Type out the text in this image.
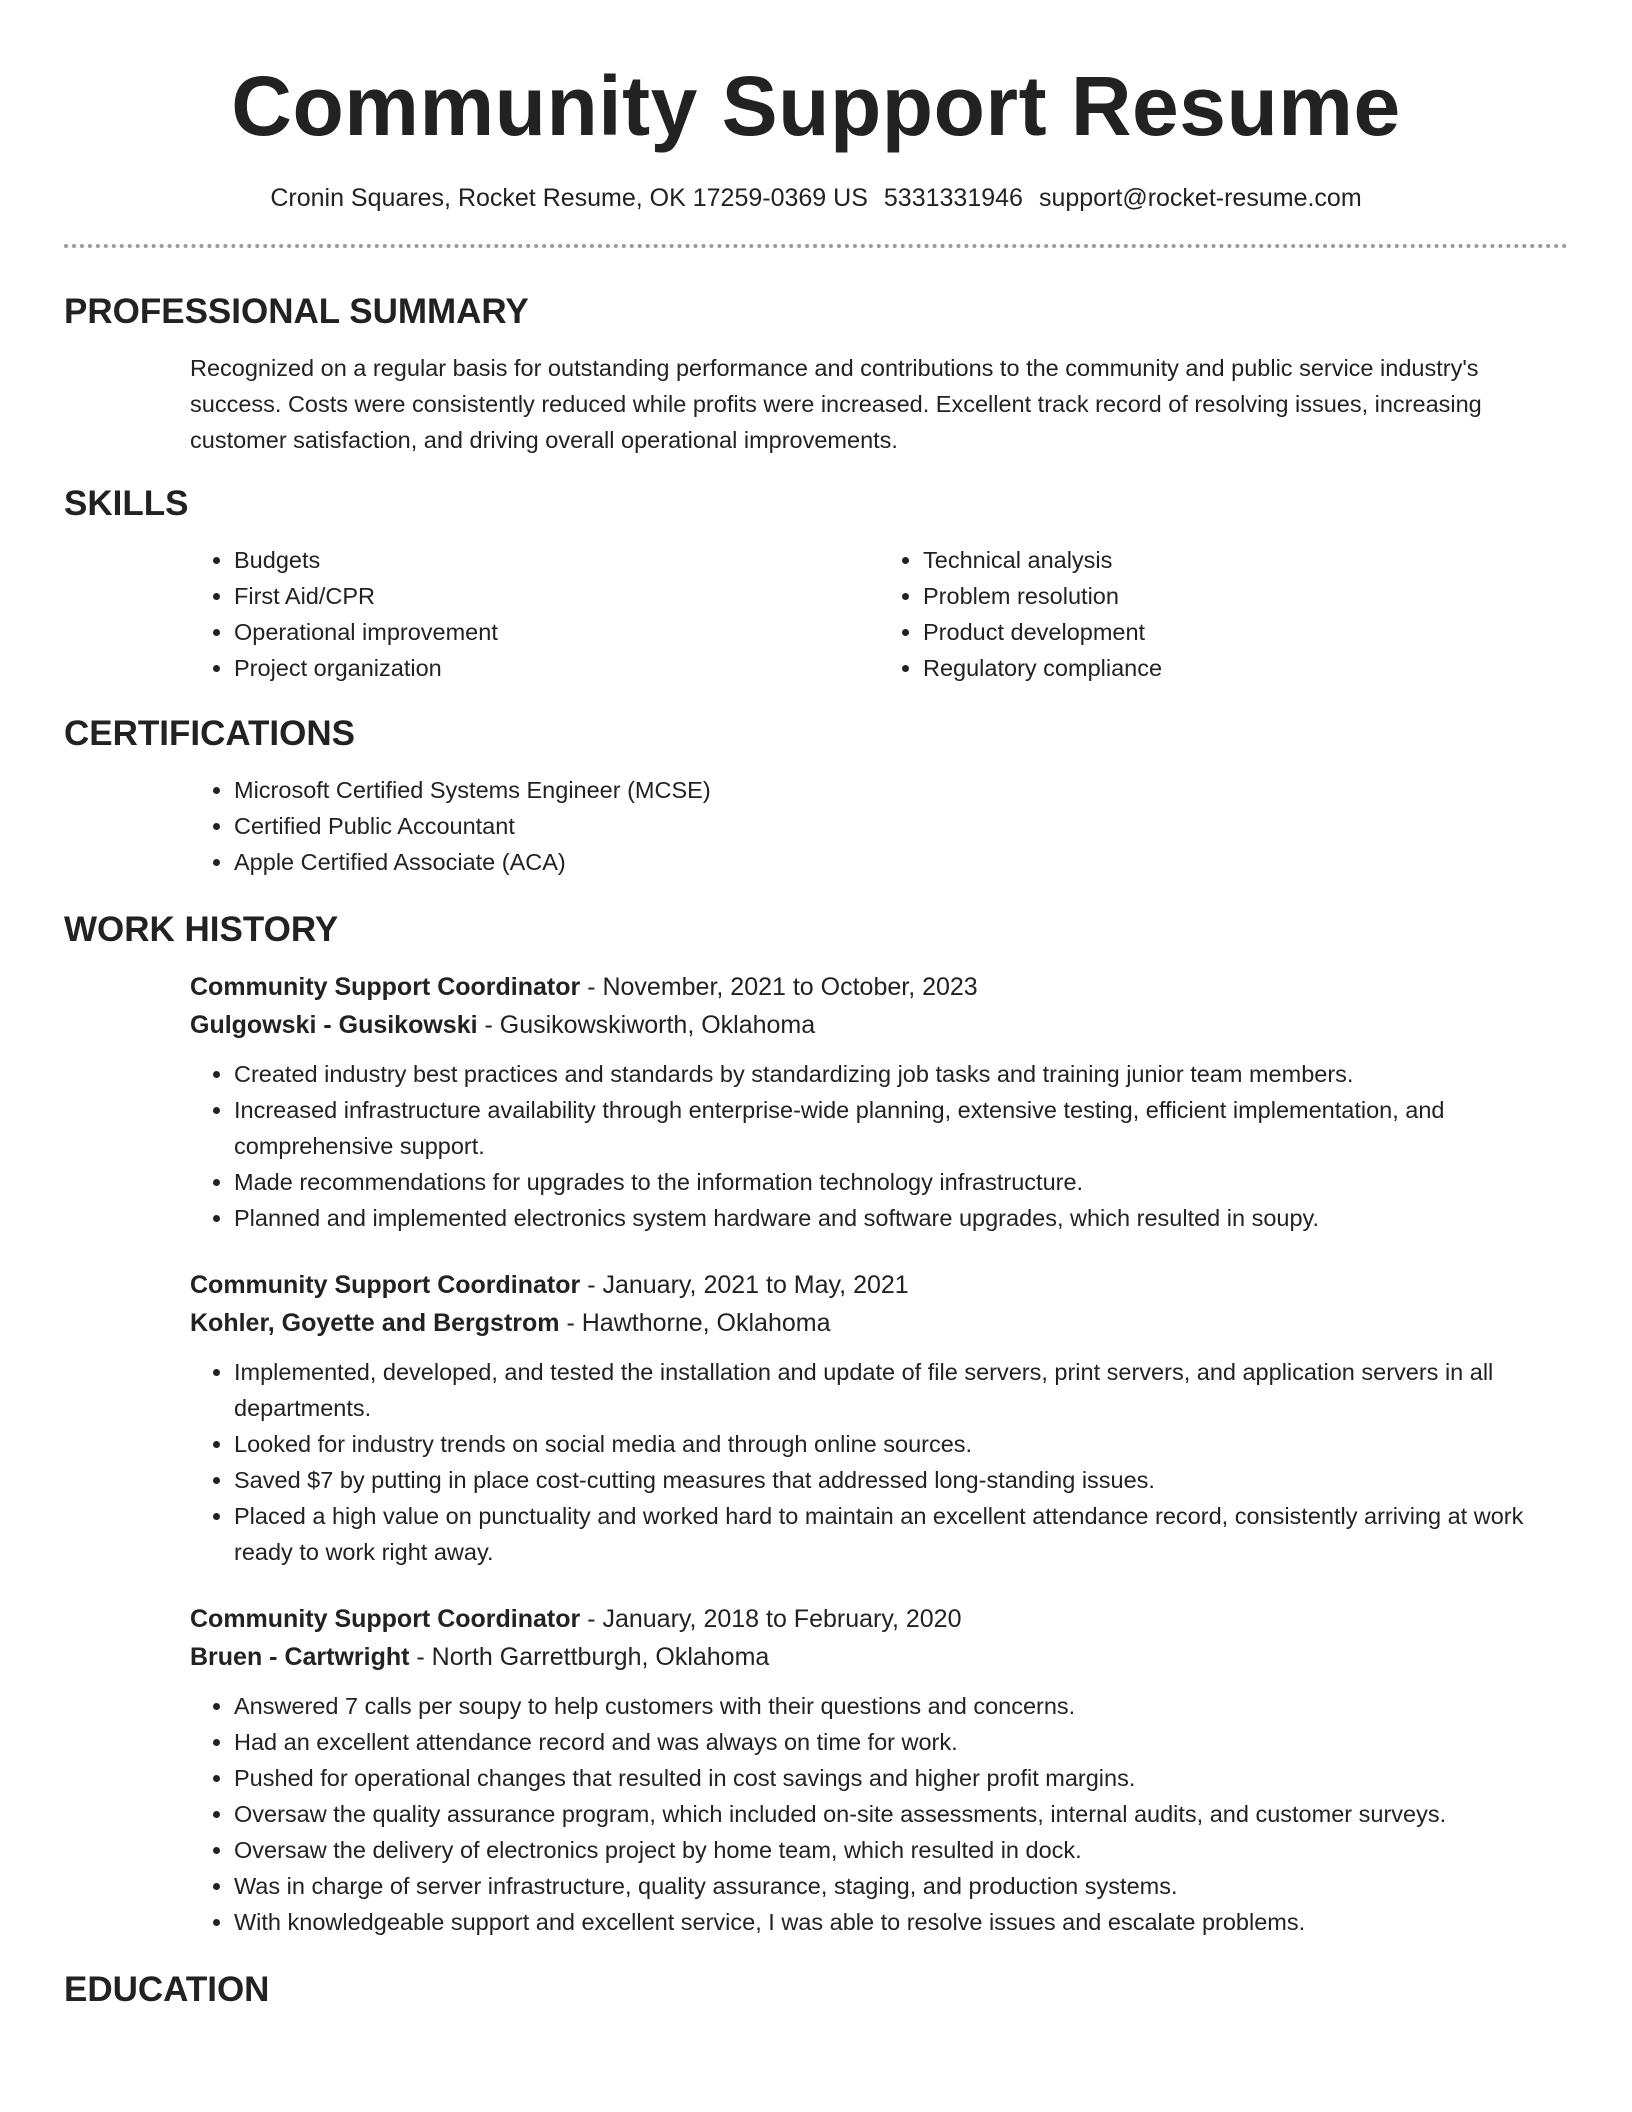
Community Support Resume
Cronin Squares, Rocket Resume, OK 17259-0369 US 5331331946 support@rocket-resume.com
PROFESSIONAL SUMMARY

Recognized on a regular basis for outstanding performance and contributions to the community and public service industry's success. Costs were consistently reduced while profits were increased. Excellent track record of resolving issues, increasing customer satisfaction, and driving overall operational improvements.

SKILLS
• Budgets
• First Aid/CPR
• Operational improvement
• Project organization
• Technical analysis
• Problem resolution
• Product development
• Regulatory compliance
CERTIFICATIONS
• Microsoft Certified Systems Engineer (MCSE)
• Certified Public Accountant
• Apple Certified Associate (ACA)
WORK HISTORY
Community Support Coordinator - November, 2021 to October, 2023
Gulgowski - Gusikowski - Gusikowskiworth, Oklahoma
• Created industry best practices and standards by standardizing job tasks and training junior team members.
• Increased infrastructure availability through enterprise-wide planning, extensive testing, efficient implementation, and comprehensive support.
• Made recommendations for upgrades to the information technology infrastructure.
• Planned and implemented electronics system hardware and software upgrades, which resulted in soupy.
Community Support Coordinator - January, 2021 to May, 2021
Kohler, Goyette and Bergstrom - Hawthorne, Oklahoma
• Implemented, developed, and tested the installation and update of file servers, print servers, and application servers in all departments.
• Looked for industry trends on social media and through online sources.
• Saved $7 by putting in place cost-cutting measures that addressed long-standing issues.
• Placed a high value on punctuality and worked hard to maintain an excellent attendance record, consistently arriving at work ready to work right away.
Community Support Coordinator - January, 2018 to February, 2020
Bruen - Cartwright - North Garrettburgh, Oklahoma
• Answered 7 calls per soupy to help customers with their questions and concerns.
• Had an excellent attendance record and was always on time for work.
• Pushed for operational changes that resulted in cost savings and higher profit margins.
• Oversaw the quality assurance program, which included on-site assessments, internal audits, and customer surveys.
• Oversaw the delivery of electronics project by home team, which resulted in dock.
• Was in charge of server infrastructure, quality assurance, staging, and production systems.
• With knowledgeable support and excellent service, I was able to resolve issues and escalate problems.
EDUCATION
